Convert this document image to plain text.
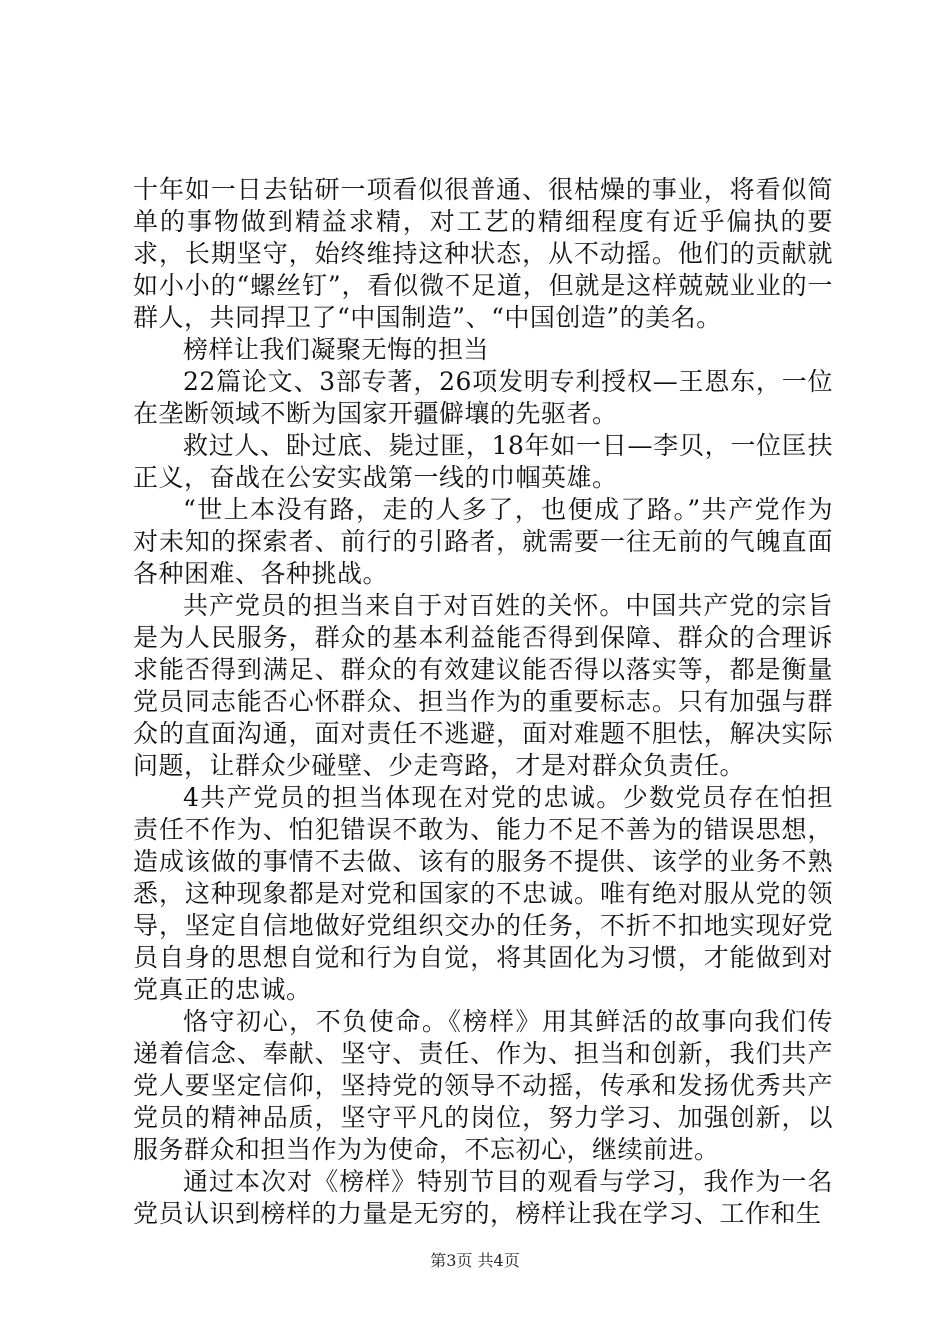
十年如一日去钻研一项看似很普通、很枯燥的事业，将看似简单的事物做到精益求精，对工艺的精细程度有近乎偏执的要求，长期坚守，始终维持这种状态，从不动摇。他们的贡献就如小小的“螺丝钉”，看似微不足道，但就是这样兢兢业业的一群人，共同捍卫了“中国制造”、“中国创造”的美名。

榜样让我们凝聚无悔的担当

22篇论文、3部专著，26项发明专利授权—王恩东，一位在垄断领域不断为国家开疆僻壤的先驱者。

救过人、卧过底、毙过匪，18年如一日—李贝，一位匡扶正义，奋战在公安实战第一线的巾帼英雄。

“世上本没有路，走的人多了，也便成了路。”共产党作为对未知的探索者、前行的引路者，就需要一往无前的气魄直面各种困难、各种挑战。

共产党员的担当来自于对百姓的关怀。中国共产党的宗旨是为人民服务，群众的基本利益能否得到保障、群众的合理诉求能否得到满足、群众的有效建议能否得以落实等，都是衡量党员同志能否心怀群众、担当作为的重要标志。只有加强与群众的直面沟通，面对责任不逃避，面对难题不胆怯，解决实际问题，让群众少碰壁、少走弯路，才是对群众负责任。

4共产党员的担当体现在对党的忠诚。少数党员存在怕担责任不作为、怕犯错误不敢为、能力不足不善为的错误思想，造成该做的事情不去做、该有的服务不提供、该学的业务不熟悉，这种现象都是对党和国家的不忠诚。唯有绝对服从党的领导，坚定自信地做好党组织交办的任务，不折不扣地实现好党员自身的思想自觉和行为自觉，将其固化为习惯，才能做到对党真正的忠诚。

恪守初心，不负使命。《榜样》用其鲜活的故事向我们传递着信念、奉献、坚守、责任、作为、担当和创新，我们共产党人要坚定信仰，坚持党的领导不动摇，传承和发扬优秀共产党员的精神品质，坚守平凡的岗位，努力学习、加强创新，以服务群众和担当作为为使命，不忘初心，继续前进。

通过本次对《榜样》特别节目的观看与学习，我作为一名党员认识到榜样的力量是无穷的，榜样让我在学习、工作和生

第3页 共4页
